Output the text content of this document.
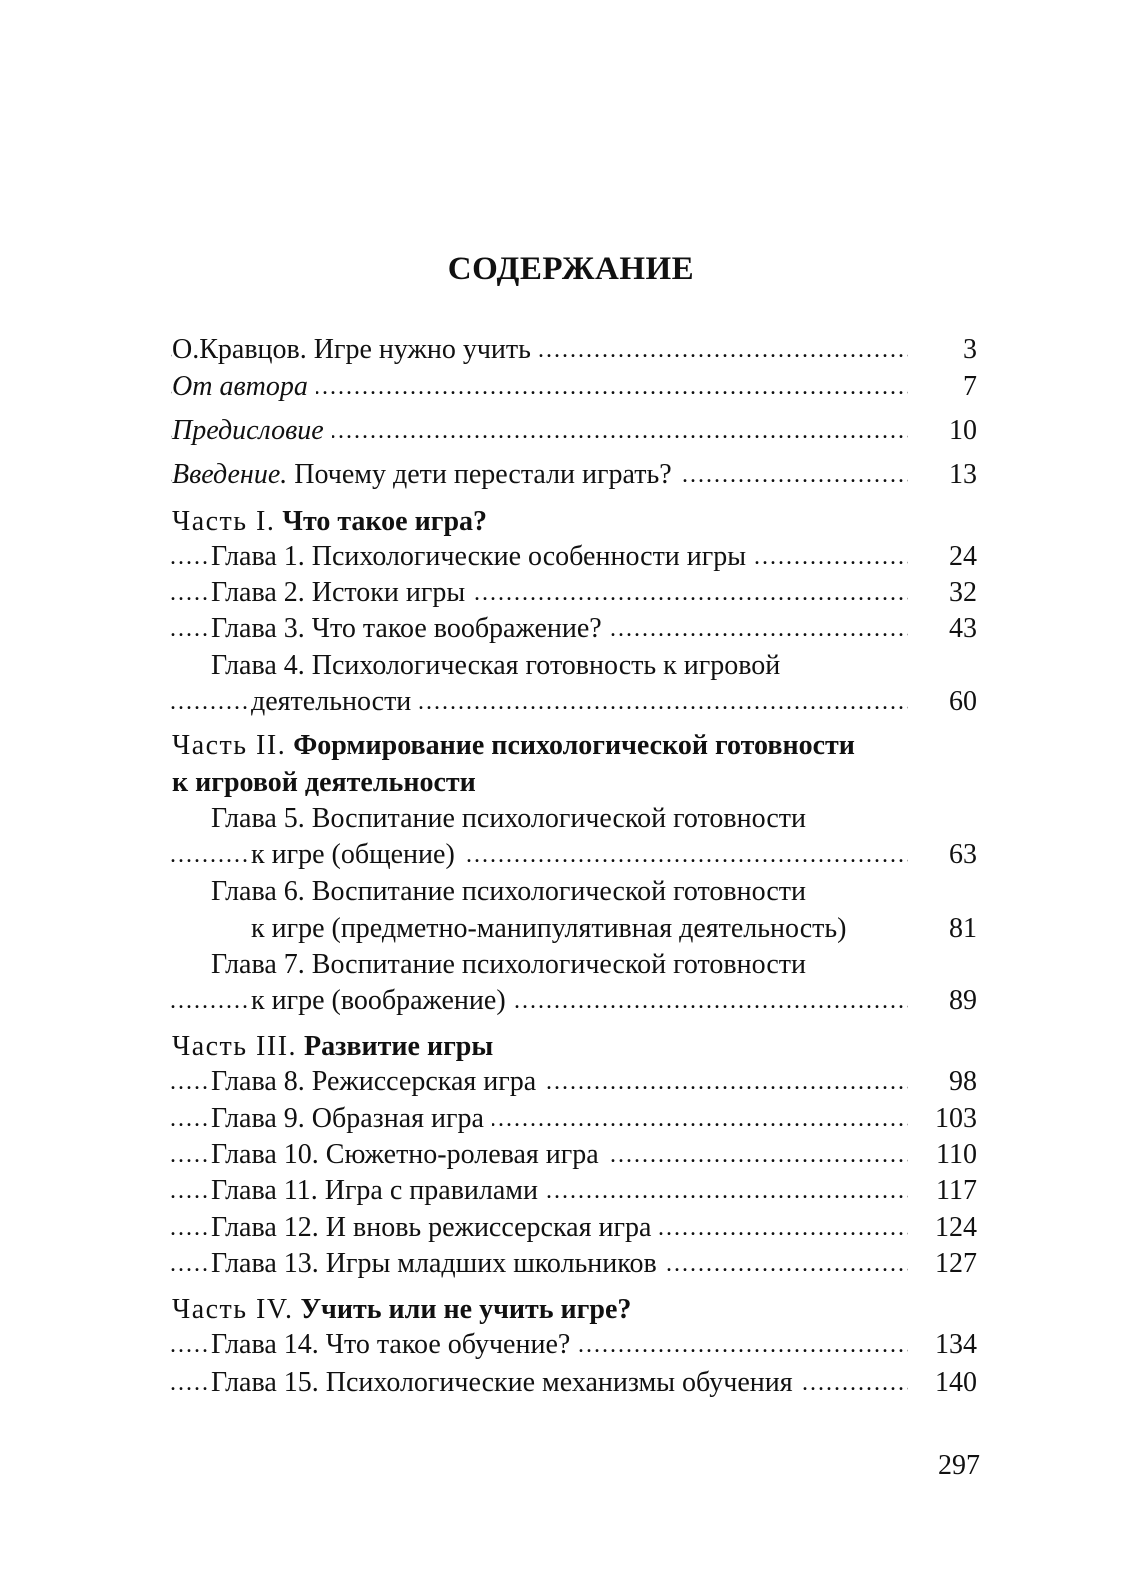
СОДЕРЖАНИЕ
О.Кравцов. Игре нужно учить .....	3
От автора .....	7
Предисловие .....	10
Введение. Почему дети перестали играть? .....	13
Часть I. Что такое игра?
Глава 1. Психологические особенности игры .....	24
Глава 2. Истоки игры .....	32
Глава 3. Что такое воображение? .....	43
Глава 4. Психологическая готовность к игровой
деятельности .....	60
Часть II. Формирование психологической готовности
к игровой деятельности
Глава 5. Воспитание психологической готовности
к игре (общение) .....	63
Глава 6. Воспитание психологической готовности
к игре (предметно-манипулятивная деятельность)	81
Глава 7. Воспитание психологической готовности
к игре (воображение) .....	89
Часть III. Развитие игры
Глава 8. Режиссерская игра .....	98
Глава 9. Образная игра .....	103
Глава 10. Сюжетно-ролевая игра .....	110
Глава 11. Игра с правилами .....	117
Глава 12. И вновь режиссерская игра .....	124
Глава 13. Игры младших школьников .....	127
Часть IV. Учить или не учить игре?
Глава 14. Что такое обучение? .....	134
Глава 15. Психологические механизмы обучения .....	140
297
